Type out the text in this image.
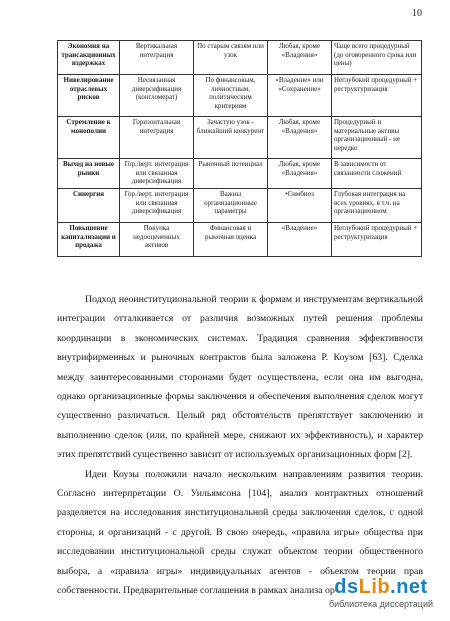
10
Экономия на трансакционных издержках	Вертикальная интеграция	По старым связям или узок	Любая, кроме «Владения»	Чаще всего процедурный (до оговоренного срока или цены)
Нивелирование отраслевых рисков	Несвязанная диверсификация (конгломерат)	По финансовым, личностным, политическим критериям	«Владение» или «Сохранение»	Неглубокий процедурный + реструктуризация
Стремление к монополии	Горизонтальная интеграция	Зачастую узок - ближайший конкурент	Любая, кроме «Владения»	Процедурный и материальные активы организационный - не нередко
Выход на новые рынки	Гор./верт. интеграция или связанная диверсификация	Рыночный потенциал	Любая, кроме «Владения»	В зависимости от связанности сложений
Синергия	Гор./верт. интеграция или связанная диверсификация	Важны организационные параметры	•Симбиоз	Глубокая интеграция на всех уровнях, в т.ч. на организационном
Повышение капитализации и продажа	Покупка недооцененных активов	Финансовая и рыночная оценка	«Владение»	Неглубокий процедурный + реструктуризация

Подход неоинституциональной теории к формам и инструментам вертикальной интеграции отталкивается от различия возможных путей решения проблемы координации в экономических системах. Традиция сравнения эффективности внутрифирменных и рыночных контрактов была заложена Р. Коузом [63]. Сделка между заинтересованными сторонами будет осуществлена, если она им выгодна, однако организационные формы заключения и обеспечения выполнения сделок могут существенно различаться. Целый ряд обстоятельств препятствует заключению и выполнению сделок (или, по крайней мере, снижают их эффективность), и характер этих препятствий существенно зависит от используемых организационных форм [2].

Идеи Коузы положили начало нескольким направлениям развития теории. Согласно интерпретации О. Уильямсона [104], анализ контрактных отношений разделяется на исследования институциональной среды заключения сделок, с одной стороны, и организаций - с другой. В свою очередь, «правила игры» общества при исследовании институциональной среды служат объектом теории общественного выбора, а «правила игры» индивидуальных агентов - объектом теории прав собственности. Предварительные соглашения в рамках анализа ор-

dsLib.net
библиотека диссертаций
